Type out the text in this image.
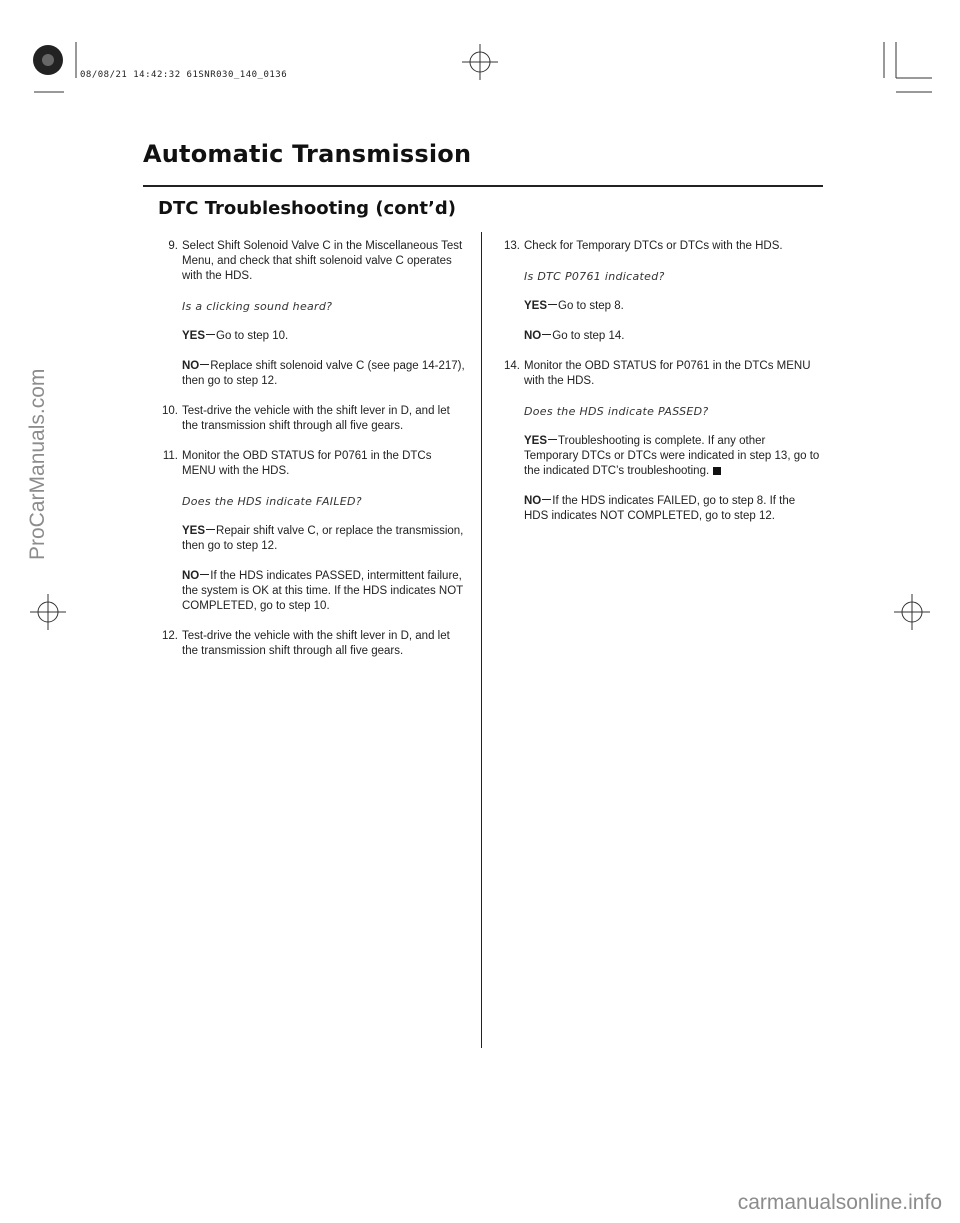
08/08/21 14:42:32 61SNR030_140_0136
Automatic Transmission
DTC Troubleshooting (cont’d)
9. Select Shift Solenoid Valve C in the Miscellaneous Test Menu, and check that shift solenoid valve C operates with the HDS.
Is a clicking sound heard?
YES Go to step 10.
NO Replace shift solenoid valve C (see page 14-217), then go to step 12.
10. Test-drive the vehicle with the shift lever in D, and let the transmission shift through all five gears.
11. Monitor the OBD STATUS for P0761 in the DTCs MENU with the HDS.
Does the HDS indicate FAILED?
YES Repair shift valve C, or replace the transmission, then go to step 12.
NO If the HDS indicates PASSED, intermittent failure, the system is OK at this time. If the HDS indicates NOT COMPLETED, go to step 10.
12. Test-drive the vehicle with the shift lever in D, and let the transmission shift through all five gears.
13. Check for Temporary DTCs or DTCs with the HDS.
Is DTC P0761 indicated?
YES Go to step 8.
NO Go to step 14.
14. Monitor the OBD STATUS for P0761 in the DTCs MENU with the HDS.
Does the HDS indicate PASSED?
YES Troubleshooting is complete. If any other Temporary DTCs or DTCs were indicated in step 13, go to the indicated DTC’s troubleshooting.
NO If the HDS indicates FAILED, go to step 8. If the HDS indicates NOT COMPLETED, go to step 12.
ProCarManuals.com
carmanualsonline.info
